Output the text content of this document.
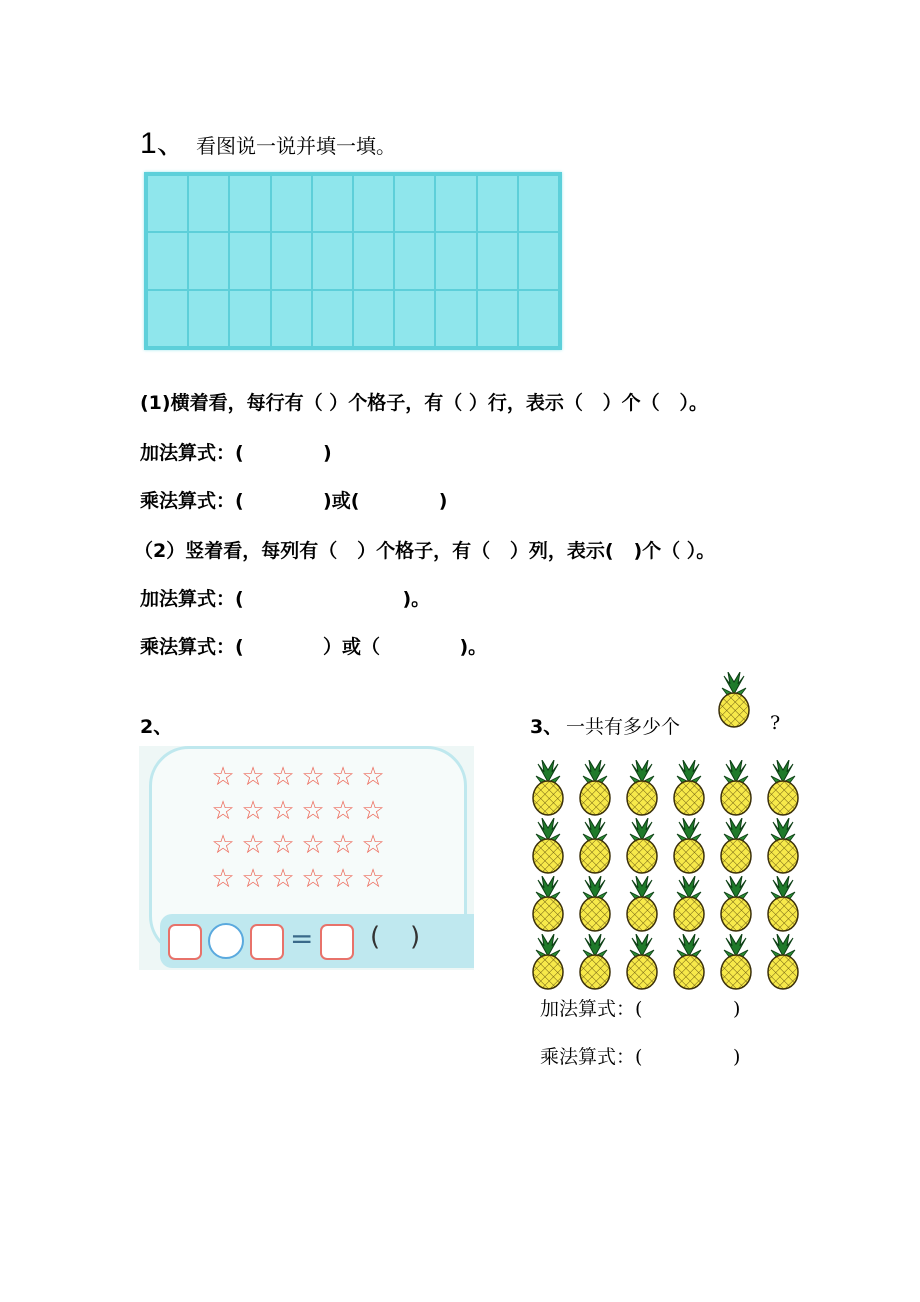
1、 看图说一说并填一填。
(1)横着看，每行有（ ）个格子，有（ ）行，表示（   ）个（   ）。
加法算式：(            )
乘法算式：(            )或(            )
（2）竖着看，每列有（   ）个格子，有（   ）列，表示(   )个（ ）。
加法算式：(                        )。
乘法算式：(            ）或（            )。
2、
☆ ☆ ☆ ☆ ☆ ☆
☆ ☆ ☆ ☆ ☆ ☆
☆ ☆ ☆ ☆ ☆ ☆
☆ ☆ ☆ ☆ ☆ ☆
= ( )
3、 一共有多少个	?
加法算式：(               )
乘法算式：(               )
